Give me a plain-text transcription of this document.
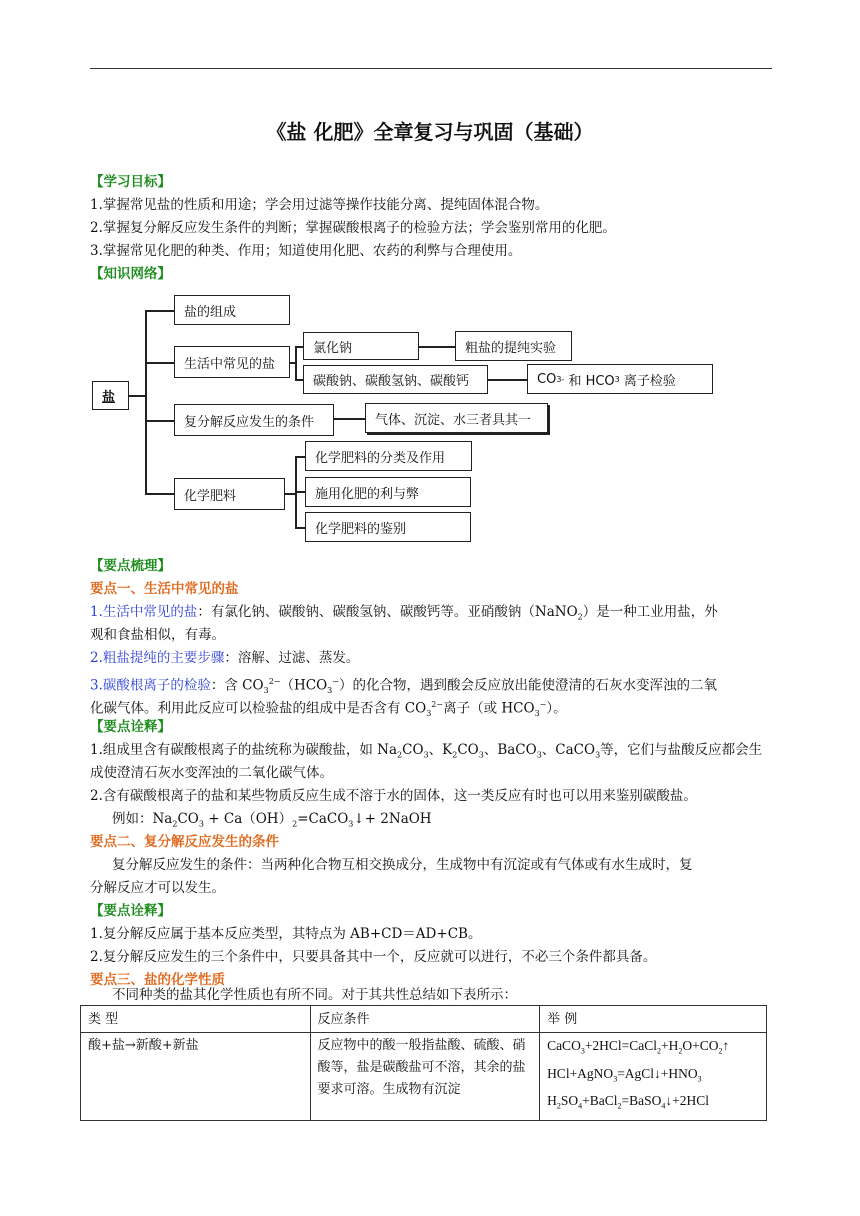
《盐 化肥》全章复习与巩固（基础）
【学习目标】
1.掌握常见盐的性质和用途；学会用过滤等操作技能分离、提纯固体混合物。
2.掌握复分解反应发生条件的判断；掌握碳酸根离子的检验方法；学会鉴别常用的化肥。
3.掌握常见化肥的种类、作用；知道使用化肥、农药的利弊与合理使用。
【知识网络】
盐
盐的组成
生活中常见的盐
氯化钠	粗盐的提纯实验
碳酸钠、碳酸氢钠、碳酸钙	CO 3-
和 HCO 3
离子检验
复分解反应发生的条件	气体、沉淀、水三者具其一
化学肥料
化学肥料的分类及作用
施用化肥的利与弊
化学肥料的鉴别
【要点梳理】
要点一、生活中常见的盐
1.生活中常见的盐：有氯化钠、碳酸钠、碳酸氢钠、碳酸钙等。亚硝酸钠（NaNO$_2$）是一种工业用盐，外
观和食盐相似，有毒。
2.粗盐提纯的主要步骤：溶解、过滤、蒸发。
3.碳酸根离子的检验：含 $CO_3^{2-}(HCO_3^-)$的化合物，遇到酸会反应放出能使澄清的石灰水变浑浊的二氧
化碳气体。利用此反应可以检验盐的组成中是否含有 $CO_3^{2-}$离子（或 $HCO_3^-$）。
【要点诠释】
1.组成里含有碳酸根离子的盐统称为碳酸盐，如 $Na_2CO_3$、$K_2CO_3$、BaCO$_3$、CaCO$_3$等，它们与盐酸反应都会生
成使澄清石灰水变浑浊的二氧化碳气体。
2.含有碳酸根离子的盐和某些物质反应生成不溶于水的固体，这一类反应有时也可以用来鉴别碳酸盐。
例如：$Na_2CO_3$ + $Ca(OH)_2=CaCO_3↓+$ 2NaOH
要点二、复分解反应发生的条件
复分解反应发生的条件：当两种化合物互相交换成分，生成物中有沉淀或有气体或有水生成时，复
分解反应才可以发生。
【要点诠释】
1.复分解反应属于基本反应类型，其特点为 AB+CD＝AD+CB。
2.复分解反应发生的三个条件中，只要具备其中一个，反应就可以进行，不必三个条件都具备。
要点三、盐的化学性质
不同种类的盐其化学性质也有所不同。对于其共性总结如下表所示：
类 型	反应条件	举 例
酸+盐→新酸+新盐	反应物中的酸一般指盐酸、硫酸、硝酸等，盐是碳酸盐可不溶，其余的盐要求可溶。生成物有沉淀	$CaCO_3+2HCl=CaCl_2+H_2O+CO_2↑$
$HCl+AgNO_3=AgCl↓+HNO_3$
$H_2SO_4+BaCl_2=BaSO_4↓+2HCl$
